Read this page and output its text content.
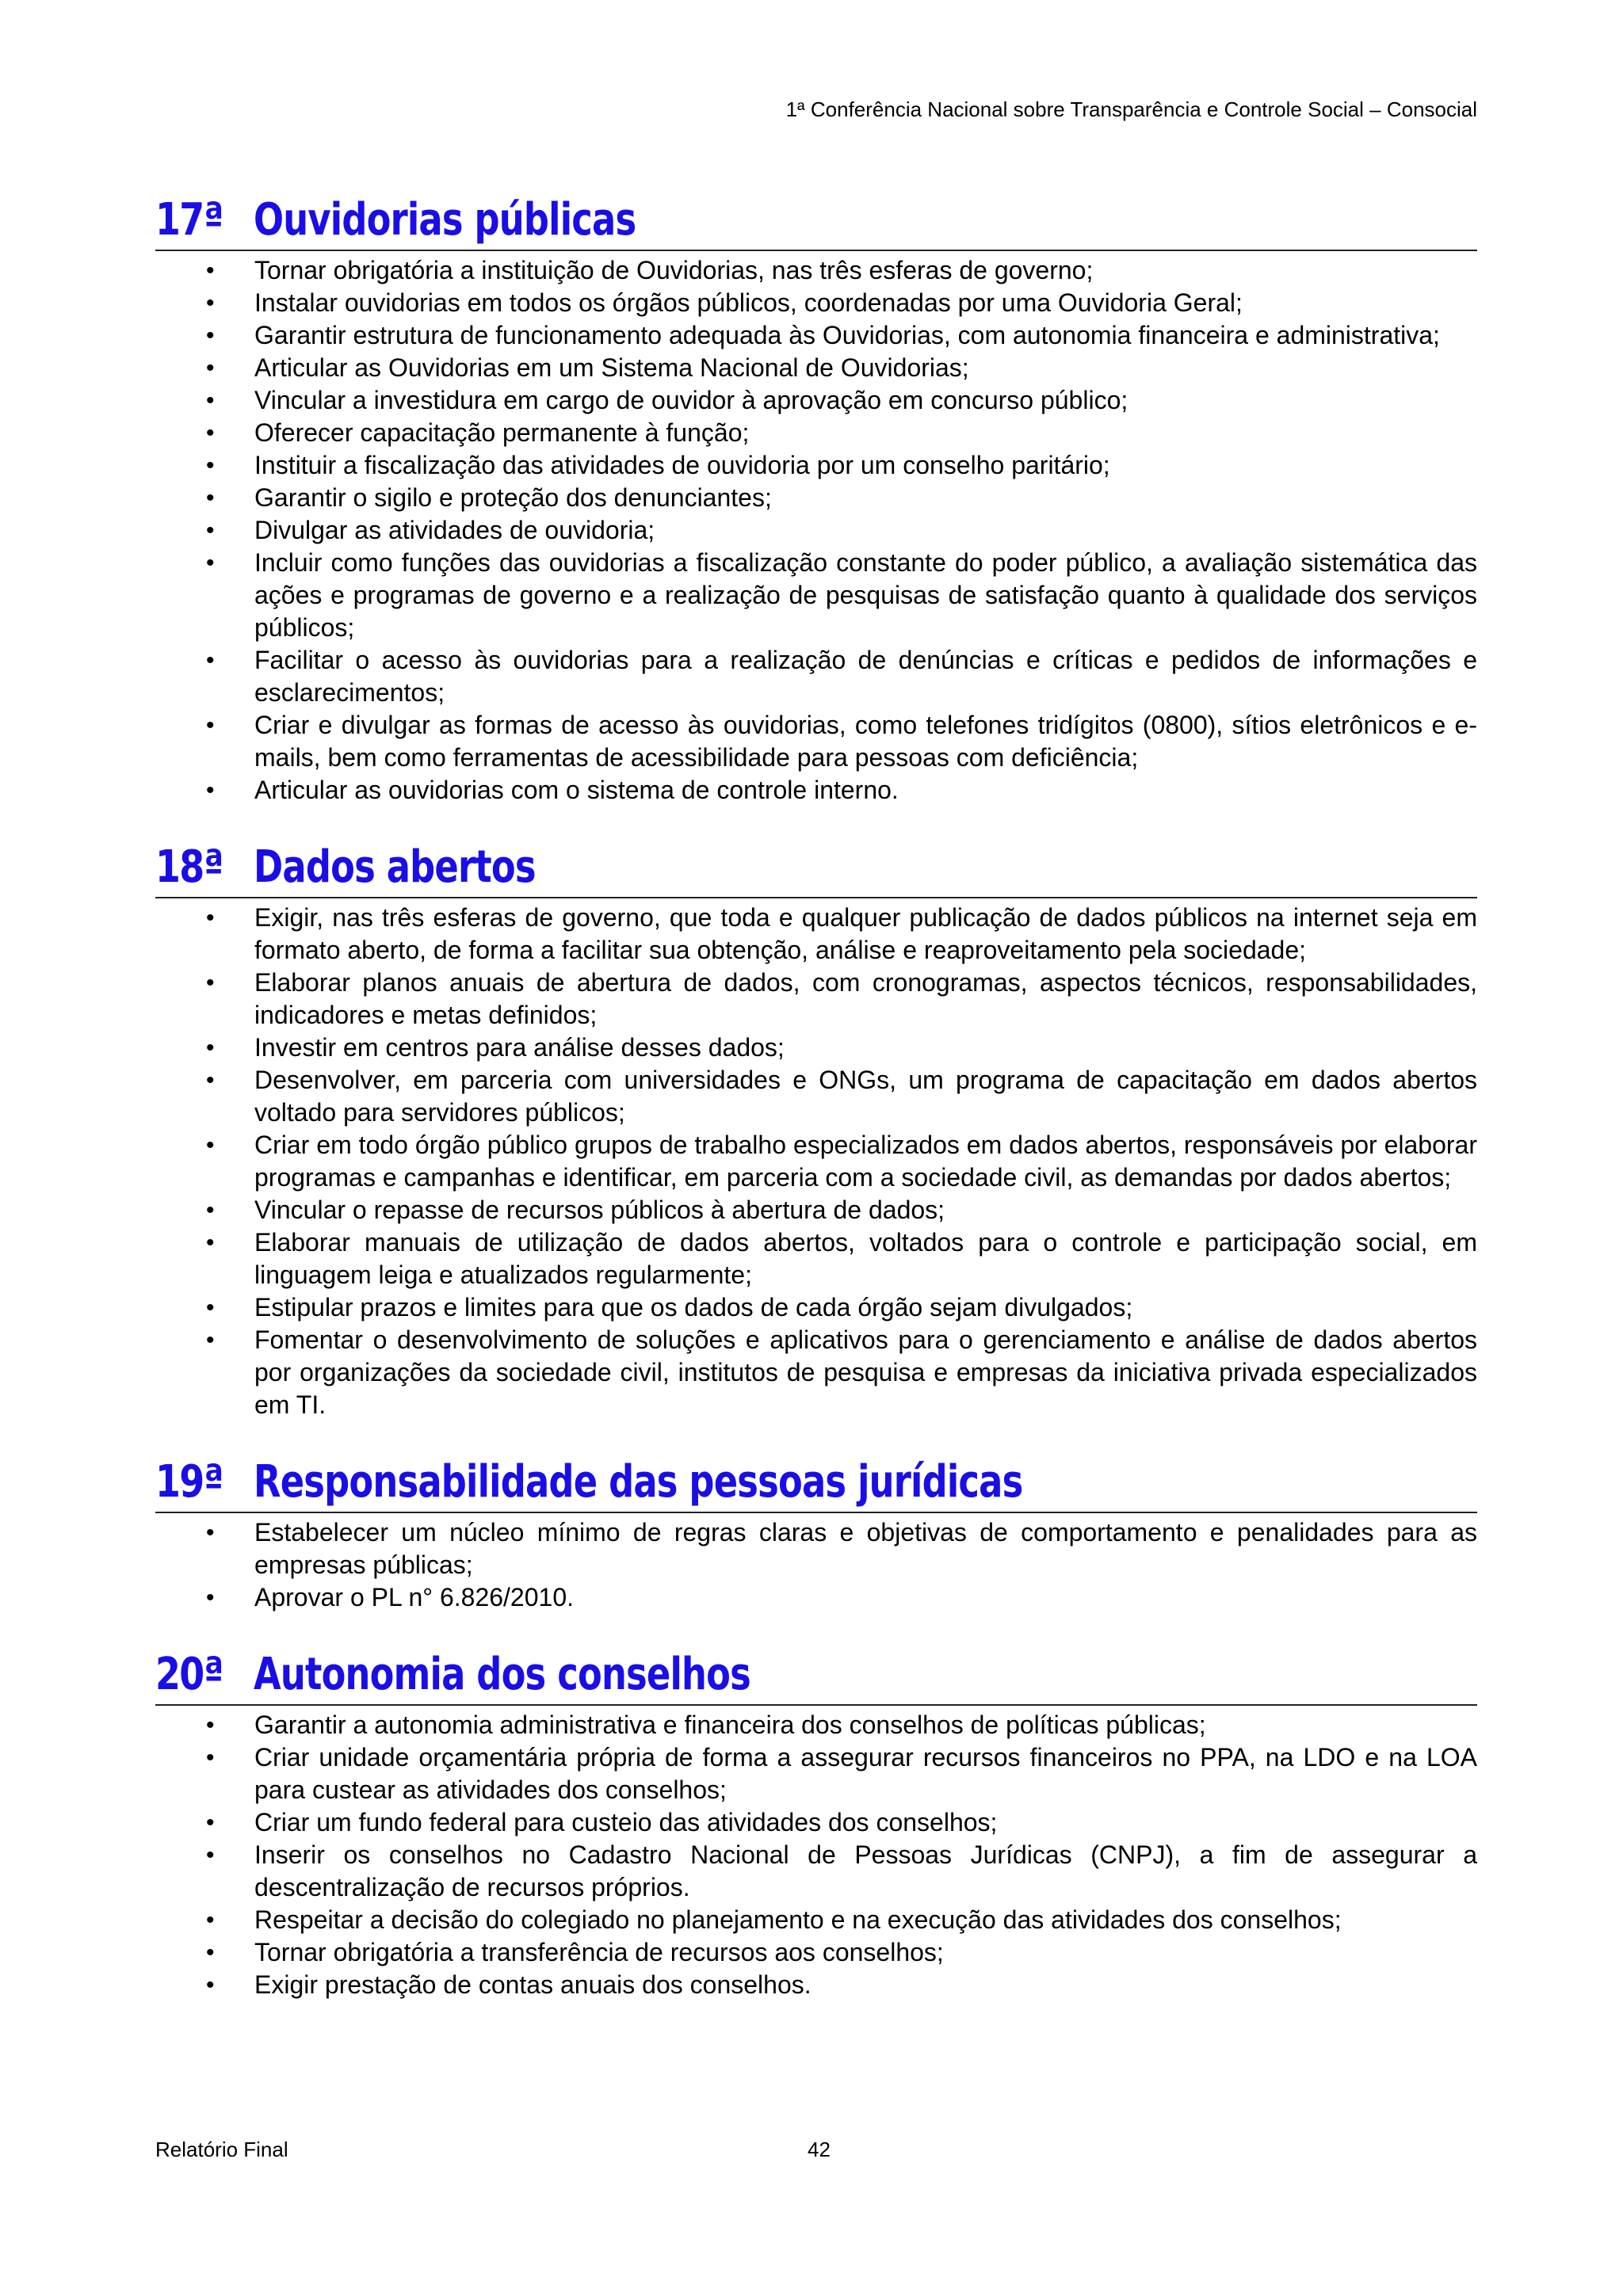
1ª Conferência Nacional sobre Transparência e Controle Social – Consocial
17ª Ouvidorias públicas
• Tornar obrigatória a instituição de Ouvidorias, nas três esferas de governo;
• Instalar ouvidorias em todos os órgãos públicos, coordenadas por uma Ouvidoria Geral;
• Garantir estrutura de funcionamento adequada às Ouvidorias, com autonomia financeira e administrativa;
• Articular as Ouvidorias em um Sistema Nacional de Ouvidorias;
• Vincular a investidura em cargo de ouvidor à aprovação em concurso público;
• Oferecer capacitação permanente à função;
• Instituir a fiscalização das atividades de ouvidoria por um conselho paritário;
• Garantir o sigilo e proteção dos denunciantes;
• Divulgar as atividades de ouvidoria;
• Incluir como funções das ouvidorias a fiscalização constante do poder público, a avaliação sistemática das ações e programas de governo e a realização de pesquisas de satisfação quanto à qualidade dos serviços públicos;
• Facilitar o acesso às ouvidorias para a realização de denúncias e críticas e pedidos de informações e esclarecimentos;
• Criar e divulgar as formas de acesso às ouvidorias, como telefones tridígitos (0800), sítios eletrônicos e e-mails, bem como ferramentas de acessibilidade para pessoas com deficiência;
• Articular as ouvidorias com o sistema de controle interno.
18ª Dados abertos
• Exigir, nas três esferas de governo, que toda e qualquer publicação de dados públicos na internet seja em formato aberto, de forma a facilitar sua obtenção, análise e reaproveitamento pela sociedade;
• Elaborar planos anuais de abertura de dados, com cronogramas, aspectos técnicos, responsabilidades, indicadores e metas definidos;
• Investir em centros para análise desses dados;
• Desenvolver, em parceria com universidades e ONGs, um programa de capacitação em dados abertos voltado para servidores públicos;
• Criar em todo órgão público grupos de trabalho especializados em dados abertos, responsáveis por elaborar programas e campanhas e identificar, em parceria com a sociedade civil, as demandas por dados abertos;
• Vincular o repasse de recursos públicos à abertura de dados;
• Elaborar manuais de utilização de dados abertos, voltados para o controle e participação social, em linguagem leiga e atualizados regularmente;
• Estipular prazos e limites para que os dados de cada órgão sejam divulgados;
• Fomentar o desenvolvimento de soluções e aplicativos para o gerenciamento e análise de dados abertos por organizações da sociedade civil, institutos de pesquisa e empresas da iniciativa privada especializados em TI.
19ª Responsabilidade das pessoas jurídicas
• Estabelecer um núcleo mínimo de regras claras e objetivas de comportamento e penalidades para as empresas públicas;
• Aprovar o PL n° 6.826/2010.
20ª Autonomia dos conselhos
• Garantir a autonomia administrativa e financeira dos conselhos de políticas públicas;
• Criar unidade orçamentária própria de forma a assegurar recursos financeiros no PPA, na LDO e na LOA para custear as atividades dos conselhos;
• Criar um fundo federal para custeio das atividades dos conselhos;
• Inserir os conselhos no Cadastro Nacional de Pessoas Jurídicas (CNPJ), a fim de assegurar a descentralização de recursos próprios.
• Respeitar a decisão do colegiado no planejamento e na execução das atividades dos conselhos;
• Tornar obrigatória a transferência de recursos aos conselhos;
• Exigir prestação de contas anuais dos conselhos.
Relatório Final	42
